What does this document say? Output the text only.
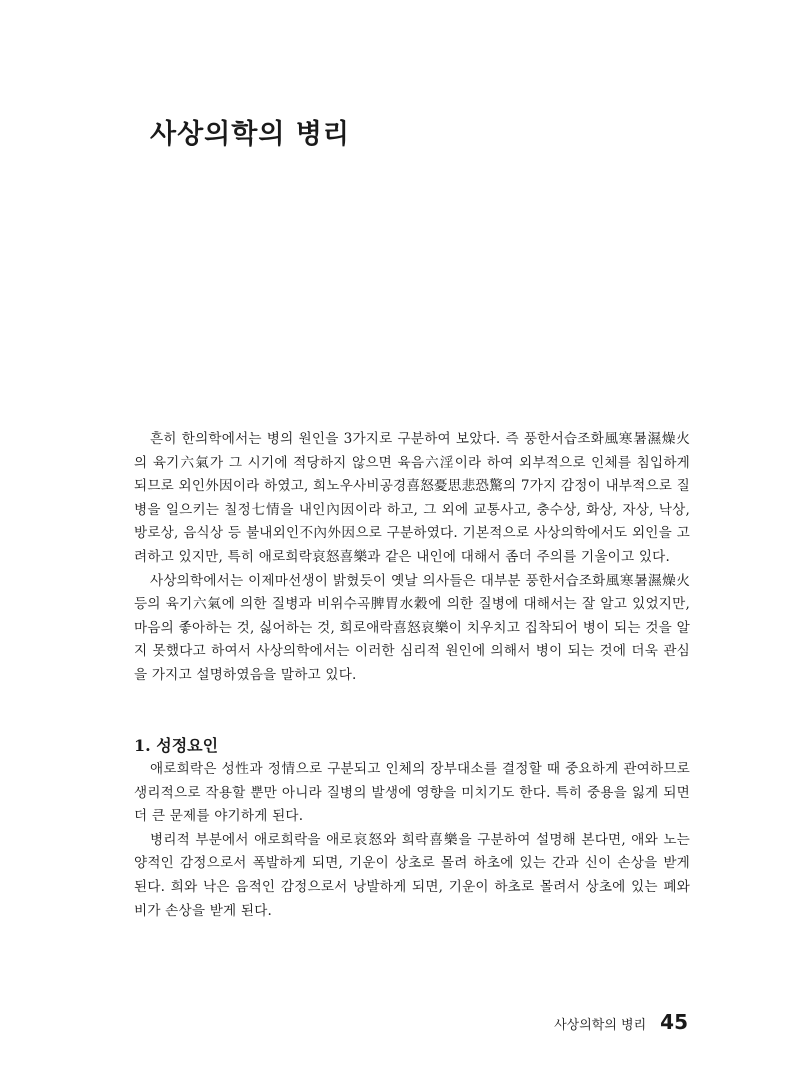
사상의학의 병리

흔히 한의학에서는 병의 원인을 3가지로 구분하여 보았다. 즉 풍한서습조화風寒暑濕燥火의 육기六氣가 그 시기에 적당하지 않으면 육음六淫이라 하여 외부적으로 인체를 침입하게 되므로 외인外因이라 하였고, 희노우사비공경喜怒憂思悲恐驚의 7가지 감정이 내부적으로 질병을 일으키는 칠정七情을 내인內因이라 하고, 그 외에 교통사고, 충수상, 화상, 자상, 낙상, 방로상, 음식상 등 불내외인不內外因으로 구분하였다. 기본적으로 사상의학에서도 외인을 고려하고 있지만, 특히 애로희락哀怒喜樂과 같은 내인에 대해서 좀더 주의를 기울이고 있다.

사상의학에서는 이제마선생이 밝혔듯이 옛날 의사들은 대부분 풍한서습조화風寒暑濕燥火 등의 육기六氣에 의한 질병과 비위수곡脾胃水穀에 의한 질병에 대해서는 잘 알고 있었지만, 마음의 좋아하는 것, 싫어하는 것, 희로애락喜怒哀樂이 치우치고 집착되어 병이 되는 것을 알지 못했다고 하여서 사상의학에서는 이러한 심리적 원인에 의해서 병이 되는 것에 더욱 관심을 가지고 설명하였음을 말하고 있다.

1. 성정요인

애로희락은 성性과 정情으로 구분되고 인체의 장부대소를 결정할 때 중요하게 관여하므로 생리적으로 작용할 뿐만 아니라 질병의 발생에 영향을 미치기도 한다. 특히 중용을 잃게 되면 더 큰 문제를 야기하게 된다.

병리적 부분에서 애로희락을 애로哀怒와 희락喜樂을 구분하여 설명해 본다면, 애와 노는 양적인 감정으로서 폭발하게 되면, 기운이 상초로 몰려 하초에 있는 간과 신이 손상을 받게 된다. 희와 낙은 음적인 감정으로서 낭발하게 되면, 기운이 하초로 몰려서 상초에 있는 폐와 비가 손상을 받게 된다.

사상의학의 병리 45
